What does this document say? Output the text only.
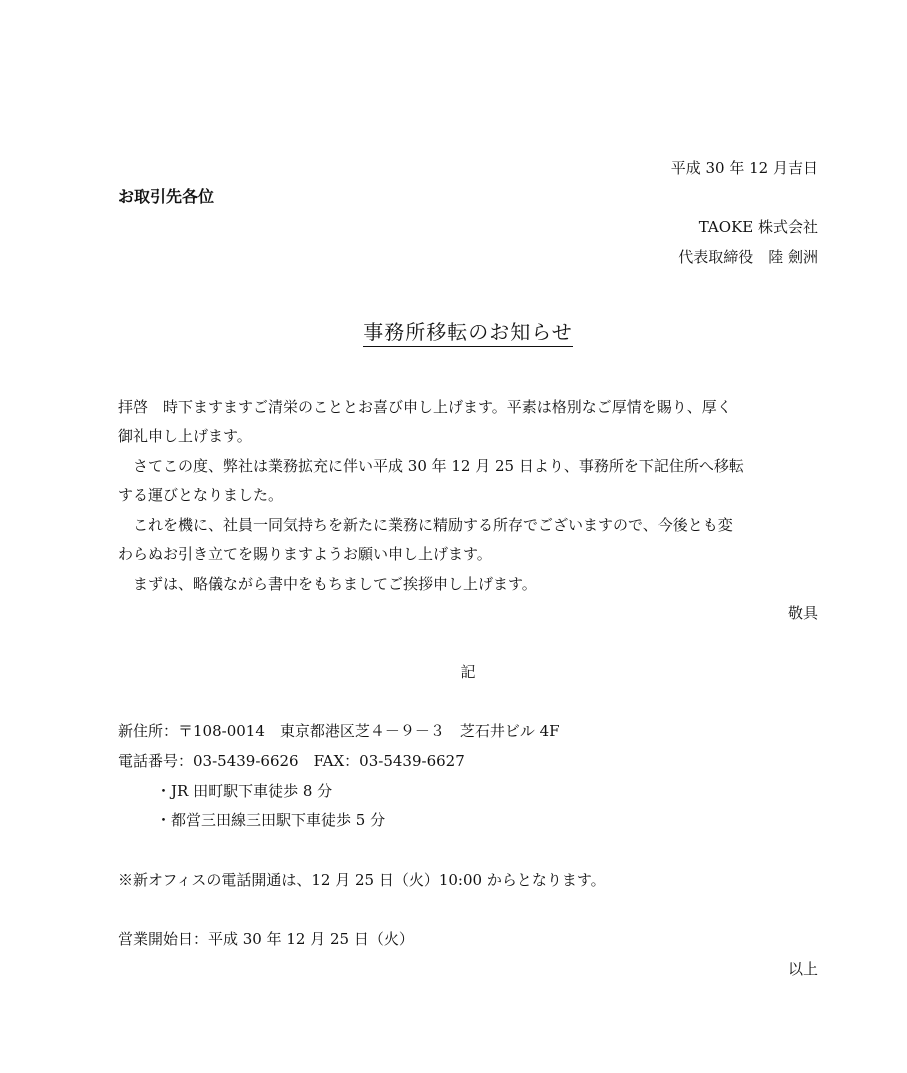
平成 30 年 12 月吉日
お取引先各位
TAOKE 株式会社
代表取締役　陸 劍洲
事務所移転のお知らせ
拝啓　時下ますますご清栄のこととお喜び申し上げます。平素は格別なご厚情を賜り、厚く
御礼申し上げます。
さてこの度、弊社は業務拡充に伴い平成 30 年 12 月 25 日より、事務所を下記住所へ移転
する運びとなりました。
これを機に、社員一同気持ちを新たに業務に精励する所存でございますので、今後とも変
わらぬお引き立てを賜りますようお願い申し上げます。
まずは、略儀ながら書中をもちましてご挨拶申し上げます。
敬具
記
新住所：〒108-0014　東京都港区芝４－９－３　芝石井ビル 4F
電話番号：03-5439-6626　FAX：03-5439-6627
・JR 田町駅下車徒歩 8 分
・都営三田線三田駅下車徒歩 5 分
※新オフィスの電話開通は、12 月 25 日（火）10:00 からとなります。
営業開始日：平成 30 年 12 月 25 日（火）
以上
